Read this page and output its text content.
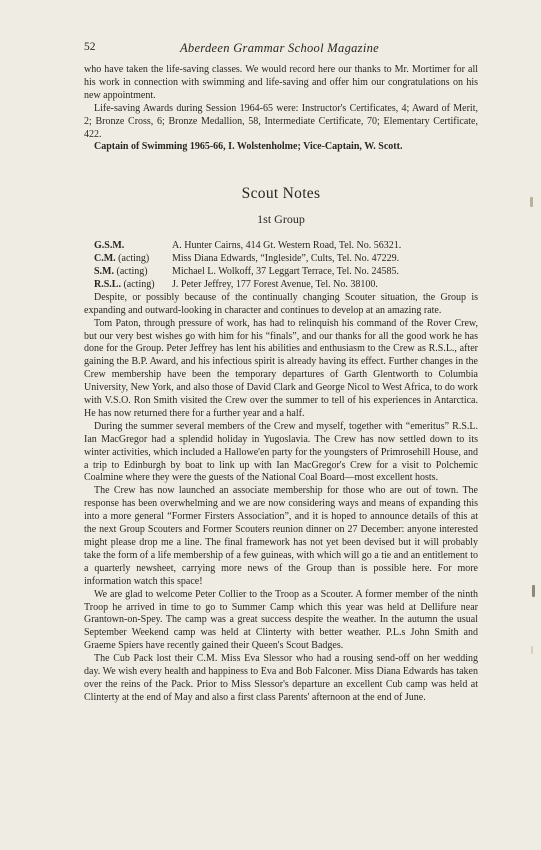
52	Aberdeen Grammar School Magazine

who have taken the life-saving classes. We would record here our thanks to Mr. Mortimer for all his work in connection with swimming and life-saving and offer him our congratulations on his new appointment.

Life-saving Awards during Session 1964-65 were: Instructor's Certificates, 4; Award of Merit, 2; Bronze Cross, 6; Bronze Medallion, 58, Intermediate Certificate, 70; Elementary Certificate, 422.

Captain of Swimming 1965-66, I. Wolstenholme; Vice-Captain, W. Scott.

Scout Notes
1st Group
G.S.M.	A. Hunter Cairns, 414 Gt. Western Road, Tel. No. 56321.
C.M. (acting)	Miss Diana Edwards, “Ingleside”, Cults, Tel. No. 47229.
S.M. (acting)	Michael L. Wolkoff, 37 Leggart Terrace, Tel. No. 24585.
R.S.L. (acting)	J. Peter Jeffrey, 177 Forest Avenue, Tel. No. 38100.

Despite, or possibly because of the continually changing Scouter situation, the Group is expanding and outward-looking in character and continues to develop at an amazing rate.

Tom Paton, through pressure of work, has had to relinquish his command of the Rover Crew, but our very best wishes go with him for his “finals”, and our thanks for all the good work he has done for the Group. Peter Jeffrey has lent his abilities and enthusiasm to the Crew as R.S.L., after gaining the B.P. Award, and his infectious spirit is already having its effect. Further changes in the Crew membership have been the temporary departures of Garth Glentworth to Columbia University, New York, and also those of David Clark and George Nicol to West Africa, to do work with V.S.O. Ron Smith visited the Crew over the summer to tell of his experiences in Antarctica. He has now returned there for a further year and a half.

During the summer several members of the Crew and myself, together with “emeritus” R.S.L. Ian MacGregor had a splendid holiday in Yugoslavia. The Crew has now settled down to its winter activities, which included a Hallowe'en party for the youngsters of Primrosehill House, and a trip to Edinburgh by boat to link up with Ian MacGregor's Crew for a visit to Polchemic Coalmine where they were the guests of the National Coal Board—most excellent hosts.

The Crew has now launched an associate membership for those who are out of town. The response has been overwhelming and we are now considering ways and means of expanding this into a more general “Former Firsters Association”, and it is hoped to announce details of this at the next Group Scouters and Former Scouters reunion dinner on 27 December: anyone interested might please drop me a line. The final framework has not yet been devised but it will probably take the form of a life membership of a few guineas, with which will go a tie and an entitlement to a quarterly newsheet, carrying more news of the Group than is possible here. For more information watch this space!

We are glad to welcome Peter Collier to the Troop as a Scouter. A former member of the ninth Troop he arrived in time to go to Summer Camp which this year was held at Dellifure near Grantown-on-Spey. The camp was a great success despite the weather. In the autumn the usual September Weekend camp was held at Clinterty with better weather. P.L.s John Smith and Graeme Spiers have recently gained their Queen's Scout Badges.

The Cub Pack lost their C.M. Miss Eva Slessor who had a rousing send-off on her wedding day. We wish every health and happiness to Eva and Bob Falconer. Miss Diana Edwards has taken over the reins of the Pack. Prior to Miss Slessor's departure an excellent Cub camp was held at Clinterty at the end of May and also a first class Parents' afternoon at the end of June.
